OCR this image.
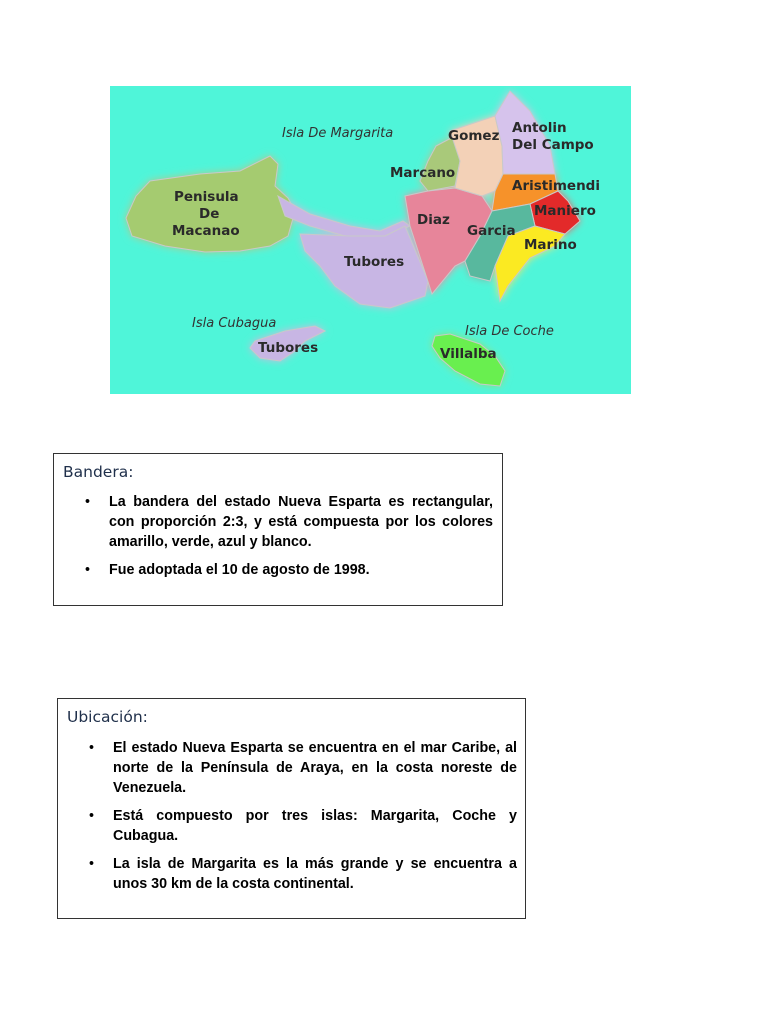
Isla De Margarita	Gomez Antolin
Del Campo
Marcano
Aristimendi
Penisula
De
Macanao
Diaz
Maniero
Garcia
Marino
Tubores
Isla Cubagua
Tubores
Isla De Coche
Villalba
Bandera:
• La bandera del estado Nueva Esparta es rectangular, con proporción 2:3, y está compuesta por los colores amarillo, verde, azul y blanco.
• Fue adoptada el 10 de agosto de 1998.
Ubicación:
• El estado Nueva Esparta se encuentra en el mar Caribe, al norte de la Península de Araya, en la costa noreste de Venezuela.
• Está compuesto por tres islas: Margarita, Coche y Cubagua.
• La isla de Margarita es la más grande y se encuentra a unos 30 km de la costa continental.
